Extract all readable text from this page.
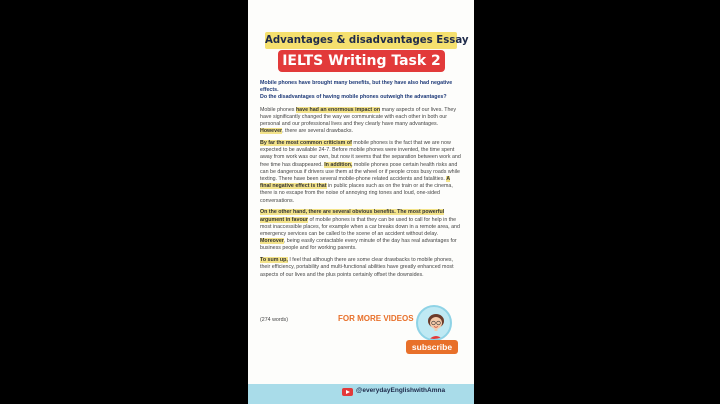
Advantages & disadvantages Essay
IELTS Writing Task 2
Mobile phones have brought many benefits, but they have also had negative effects.
Do the disadvantages of having mobile phones outweigh the advantages?
Mobile phones have had an enormous impact on many aspects of our lives. They have significantly changed the way we communicate with each other in both our personal and our professional lives and they clearly have many advantages. However, there are several drawbacks.
By far the most common criticism of mobile phones is the fact that we are now expected to be available 24-7. Before mobile phones were invented, the time spent away from work was our own, but now it seems that the separation between work and free time has disappeared. In addition, mobile phones pose certain health risks and can be dangerous if drivers use them at the wheel or if people cross busy roads while texting. There have been several mobile-phone related accidents and fatalities. A final negative effect is that in public places such as on the train or at the cinema, there is no escape from the noise of annoying ring tones and loud, one-sided conversations.
On the other hand, there are several obvious benefits. The most powerful argument in favour of mobile phones is that they can be used to call for help in the most inaccessible places, for example when a car breaks down in a remote area, and emergency services can be called to the scene of an accident without delay. Moreover, being easily contactable every minute of the day has real advantages for business people and for working parents.
To sum up, I feel that although there are some clear drawbacks to mobile phones, their efficiency, portability and multi-functional abilities have greatly enhanced most aspects of our lives and the plus points certainly offset the downsides.
(274 words)	FOR MORE VIDEOS
subscribe
@everydayEnglishwithAmna
